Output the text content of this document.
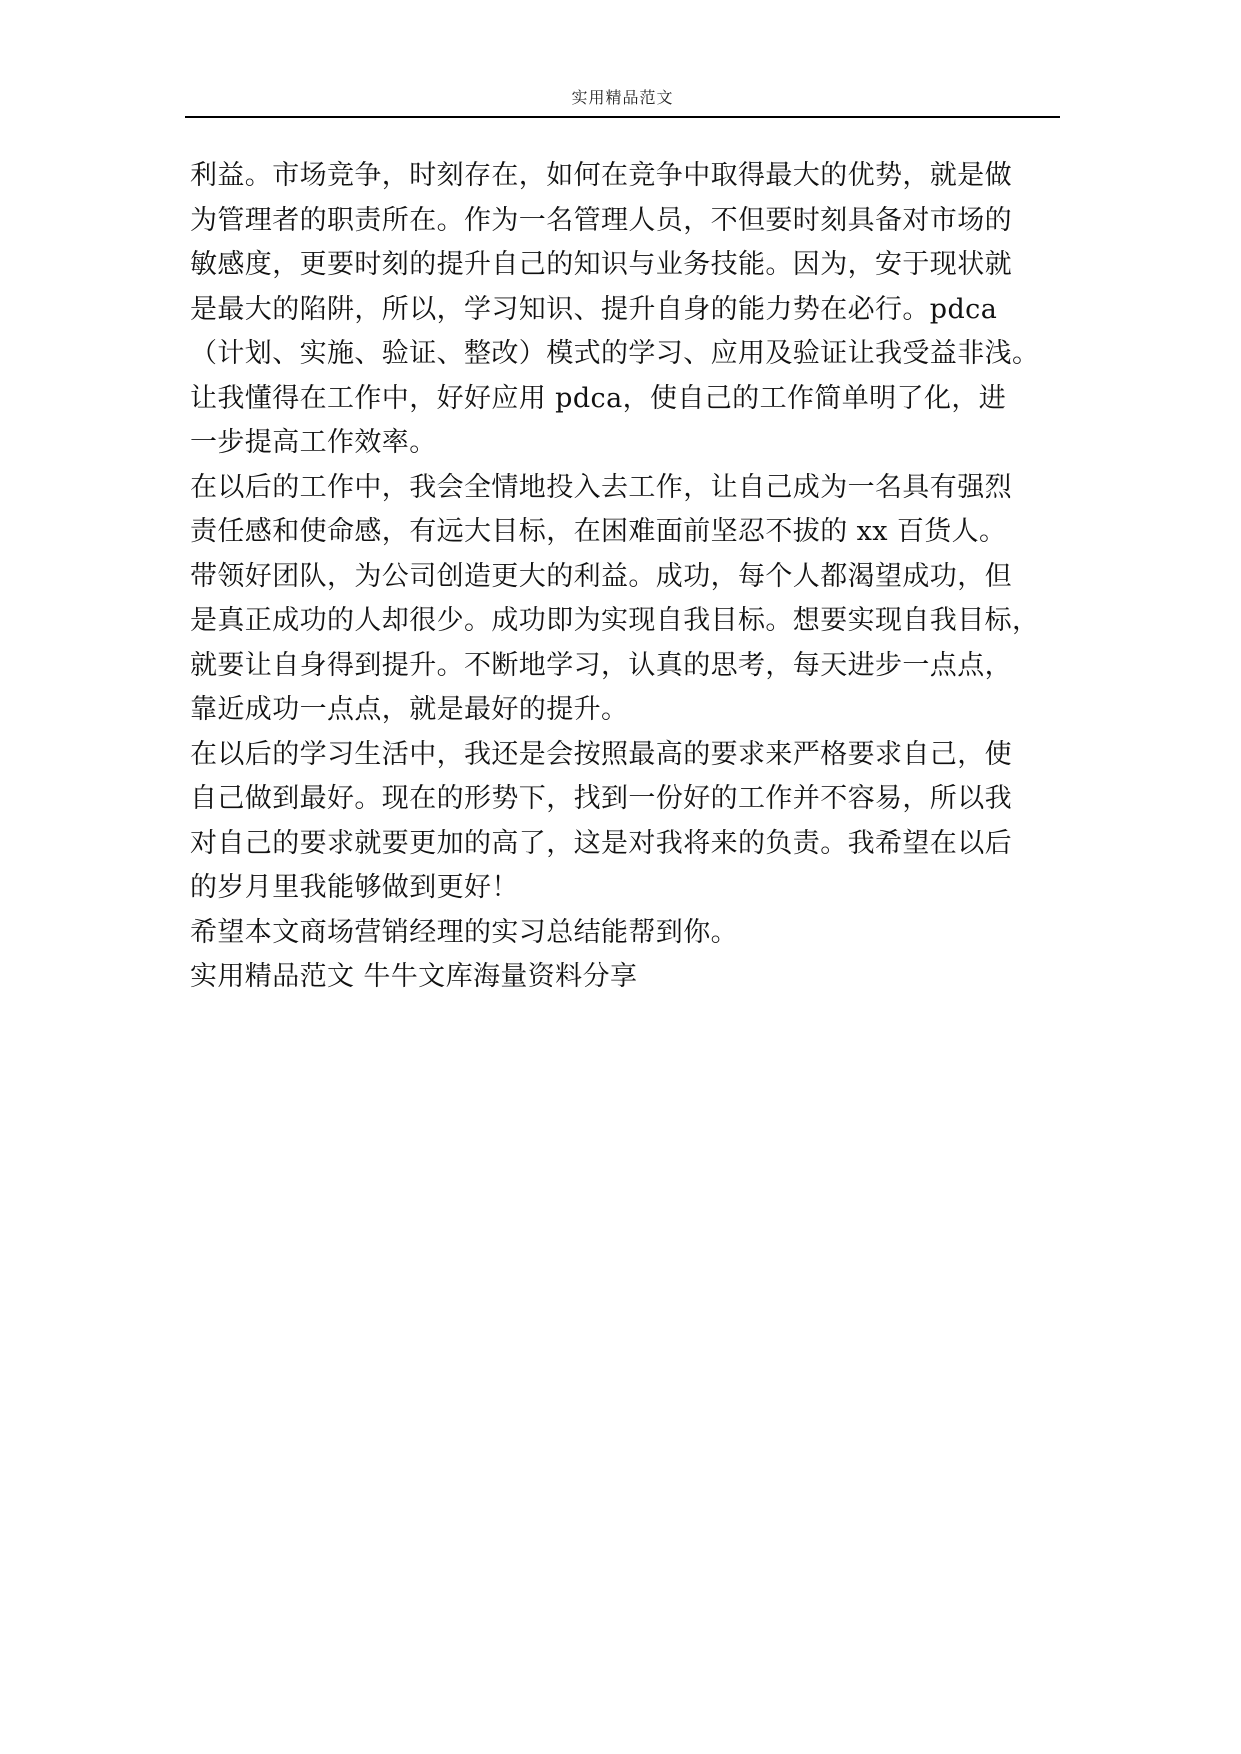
实用精品范文
利益。市场竞争，时刻存在，如何在竞争中取得最大的优势，就是做
为管理者的职责所在。作为一名管理人员，不但要时刻具备对市场的
敏感度，更要时刻的提升自己的知识与业务技能。因为，安于现状就
是最大的陷阱，所以，学习知识、提升自身的能力势在必行。pdca
（计划、实施、验证、整改）模式的学习、应用及验证让我受益非浅。
让我懂得在工作中，好好应用 pdca，使自己的工作简单明了化，进
一步提高工作效率。
在以后的工作中，我会全情地投入去工作，让自己成为一名具有强烈
责任感和使命感，有远大目标，在困难面前坚忍不拔的 xx 百货人。
带领好团队，为公司创造更大的利益。成功，每个人都渴望成功，但
是真正成功的人却很少。成功即为实现自我目标。想要实现自我目标，
就要让自身得到提升。不断地学习，认真的思考，每天进步一点点，
靠近成功一点点，就是最好的提升。
在以后的学习生活中，我还是会按照最高的要求来严格要求自己，使
自己做到最好。现在的形势下，找到一份好的工作并不容易，所以我
对自己的要求就要更加的高了，这是对我将来的负责。我希望在以后
的岁月里我能够做到更好！
希望本文商场营销经理的实习总结能帮到你。
实用精品范文 牛牛文库海量资料分享
